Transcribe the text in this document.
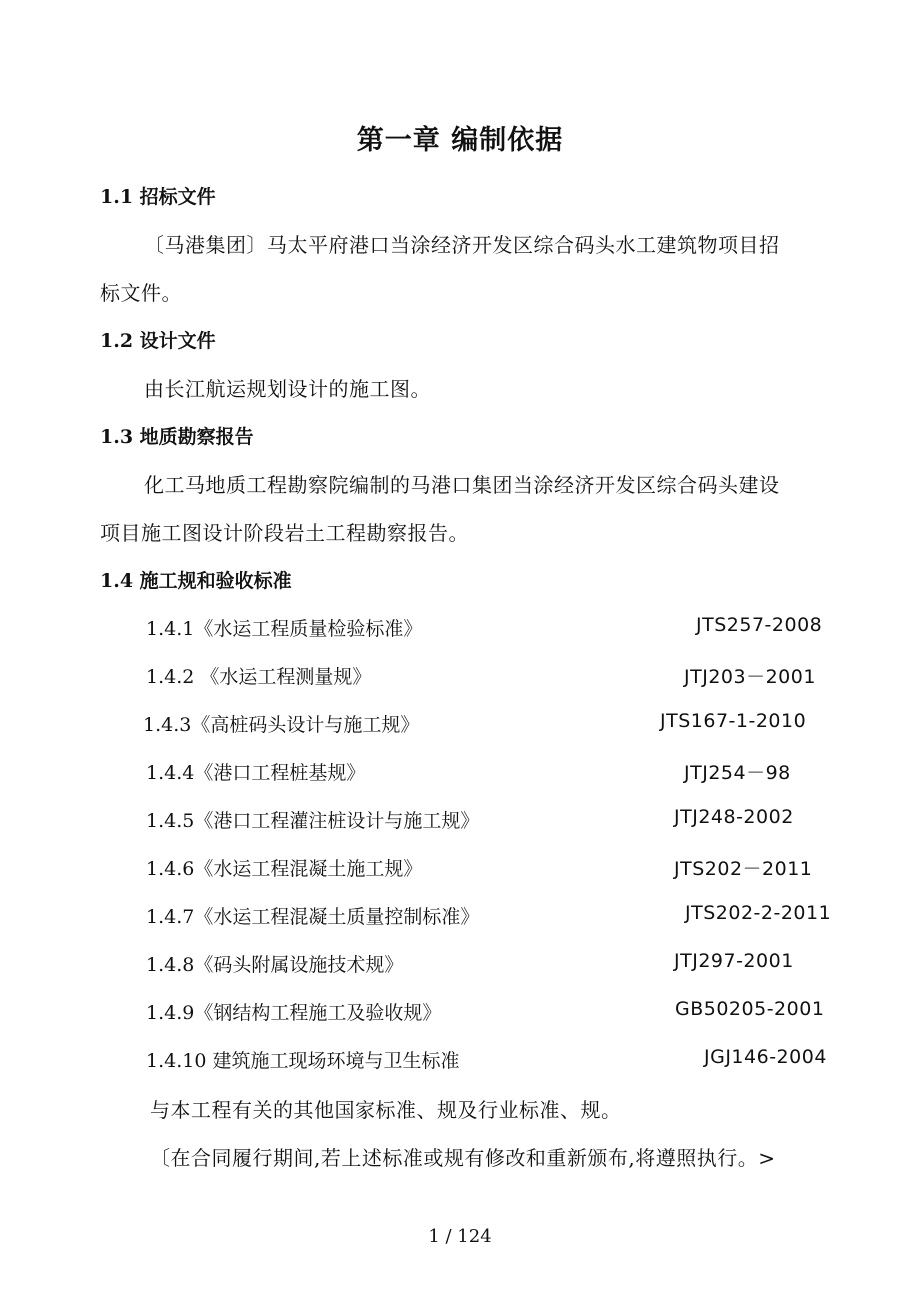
第一章 编制依据
1.1 招标文件
〔马港集团〕马太平府港口当涂经济开发区综合码头水工建筑物项目招
标文件。
1.2 设计文件
由长江航运规划设计的施工图。
1.3 地质勘察报告
化工马地质工程勘察院编制的马港口集团当涂经济开发区综合码头建设
项目施工图设计阶段岩土工程勘察报告。
1.4 施工规和验收标准
1.4.1《水运工程质量检验标准》	JTS257-2008
1.4.2 《水运工程测量规》	JTJ203－2001
1.4.3《高桩码头设计与施工规》	JTS167-1-2010
1.4.4《港口工程桩基规》	JTJ254－98
1.4.5《港口工程灌注桩设计与施工规》	JTJ248-2002
1.4.6《水运工程混凝土施工规》	JTS202－2011
1.4.7《水运工程混凝土质量控制标准》	JTS202-2-2011
1.4.8《码头附属设施技术规》	JTJ297-2001
1.4.9《钢结构工程施工及验收规》	GB50205-2001
1.4.10 建筑施工现场环境与卫生标准	JGJ146-2004
与本工程有关的其他国家标准、规及行业标准、规。
〔在合同履行期间,若上述标准或规有修改和重新颁布,将遵照执行。>
1 / 124
